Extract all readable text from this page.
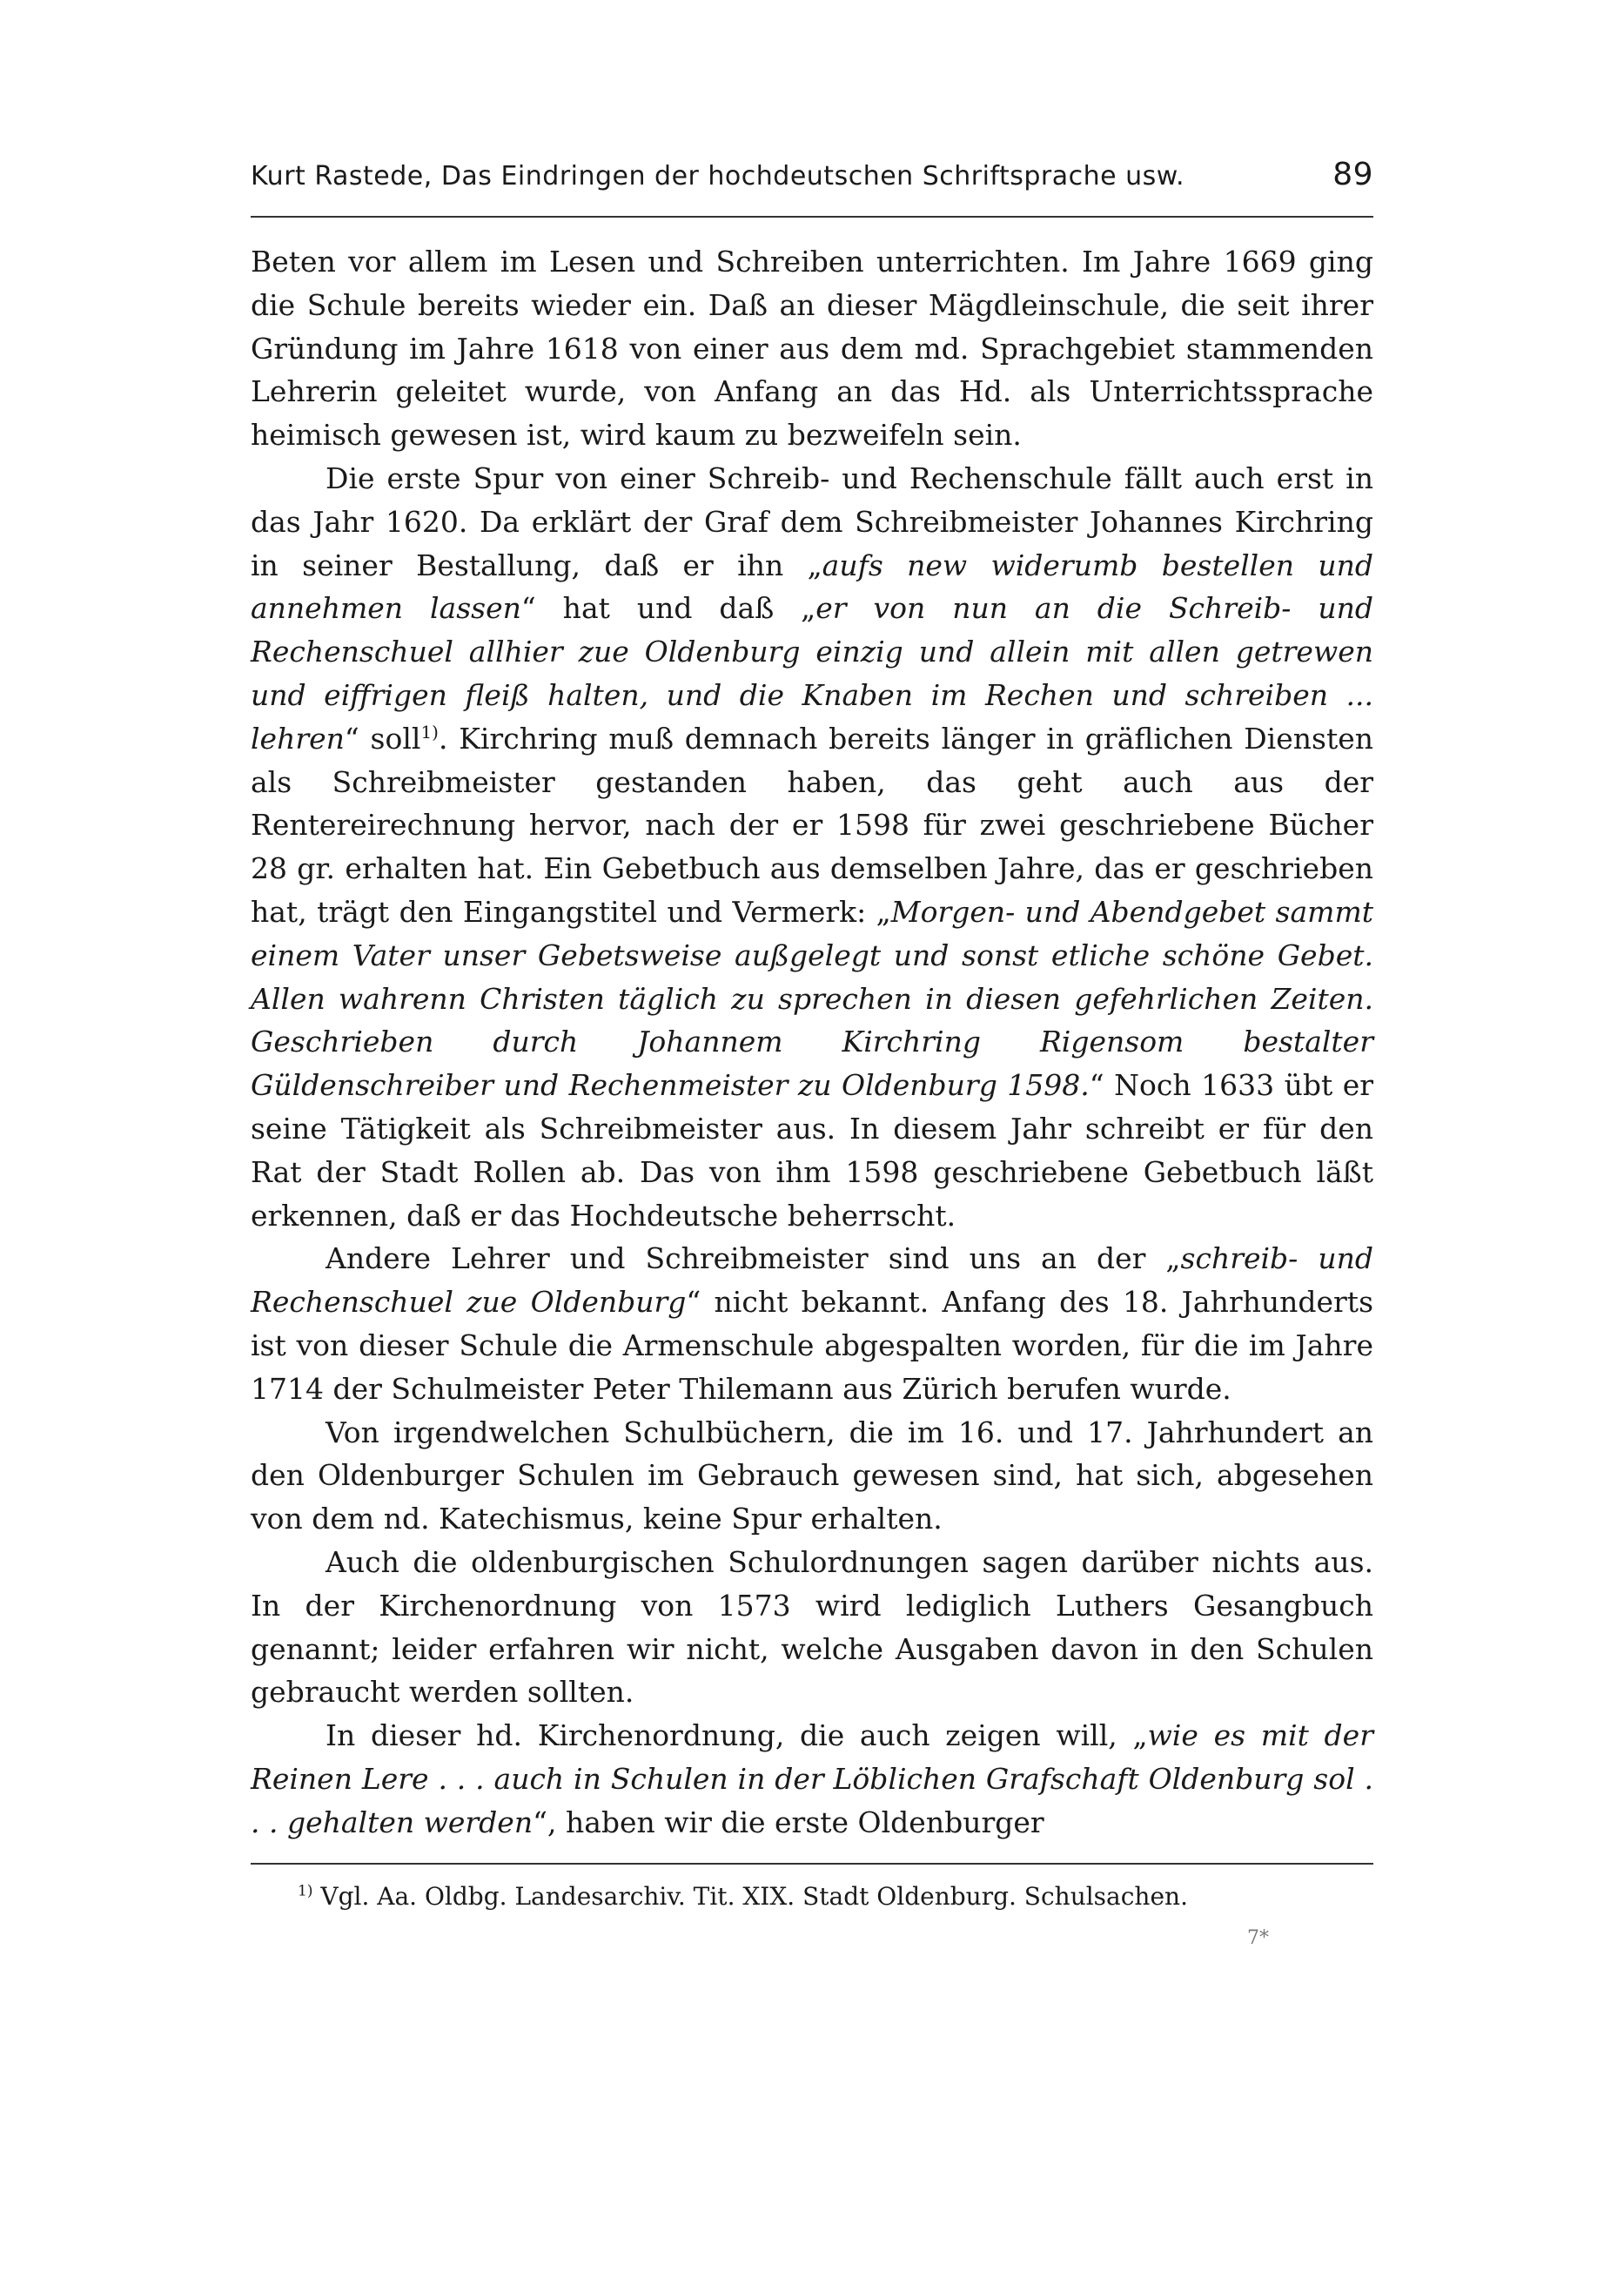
Kurt Rastede, Das Eindringen der hochdeutschen Schriftsprache usw.	89

Beten vor allem im Lesen und Schreiben unterrichten. Im Jahre 1669 ging die Schule bereits wieder ein. Daß an dieser Mägdleinschule, die seit ihrer Gründung im Jahre 1618 von einer aus dem md. Sprachgebiet stammenden Lehrerin geleitet wurde, von Anfang an das Hd. als Unterrichtssprache heimisch gewesen ist, wird kaum zu bezweifeln sein.

Die erste Spur von einer Schreib- und Rechenschule fällt auch erst in das Jahr 1620. Da erklärt der Graf dem Schreibmeister Johannes Kirchring in seiner Bestallung, daß er ihn „aufs new widerumb bestellen und annehmen lassen“ hat und daß „er von nun an die Schreib- und Rechenschuel allhier zue Oldenburg einzig und allein mit allen getrewen und eiffrigen fleiß halten, und die Knaben im Rechen und schreiben ... lehren“ soll$^{1)}$. Kirchring muß demnach bereits länger in gräflichen Diensten als Schreibmeister gestanden haben, das geht auch aus der Rentereirechnung hervor, nach der er 1598 für zwei geschriebene Bücher 28 gr. erhalten hat. Ein Gebetbuch aus demselben Jahre, das er geschrieben hat, trägt den Eingangstitel und Vermerk: „Morgen- und Abendgebet sammt einem Vater unser Gebetsweise außgelegt und sonst etliche schöne Gebet. Allen wahrenn Christen täglich zu sprechen in diesen gefehrlichen Zeiten. Geschrieben durch Johannem Kirchring Rigensom bestalter Güldenschreiber und Rechenmeister zu Oldenburg 1598.“ Noch 1633 übt er seine Tätigkeit als Schreibmeister aus. In diesem Jahr schreibt er für den Rat der Stadt Rollen ab. Das von ihm 1598 geschriebene Gebetbuch läßt erkennen, daß er das Hochdeutsche beherrscht.

Andere Lehrer und Schreibmeister sind uns an der „schreib- und Rechenschuel zue Oldenburg“ nicht bekannt. Anfang des 18. Jahrhunderts ist von dieser Schule die Armenschule abgespalten worden, für die im Jahre 1714 der Schulmeister Peter Thilemann aus Zürich berufen wurde.

Von irgendwelchen Schulbüchern, die im 16. und 17. Jahrhundert an den Oldenburger Schulen im Gebrauch gewesen sind, hat sich, abgesehen von dem nd. Katechismus, keine Spur erhalten.

Auch die oldenburgischen Schulordnungen sagen darüber nichts aus. In der Kirchenordnung von 1573 wird lediglich Luthers Gesangbuch genannt; leider erfahren wir nicht, welche Ausgaben davon in den Schulen gebraucht werden sollten.

In dieser hd. Kirchenordnung, die auch zeigen will, „wie es mit der Reinen Lere . . . auch in Schulen in der Löblichen Grafschaft Oldenburg sol . . . gehalten werden“, haben wir die erste Oldenburger

$^{1)}$ Vgl. Aa. Oldbg. Landesarchiv. Tit. XIX. Stadt Oldenburg. Schulsachen.

7*
